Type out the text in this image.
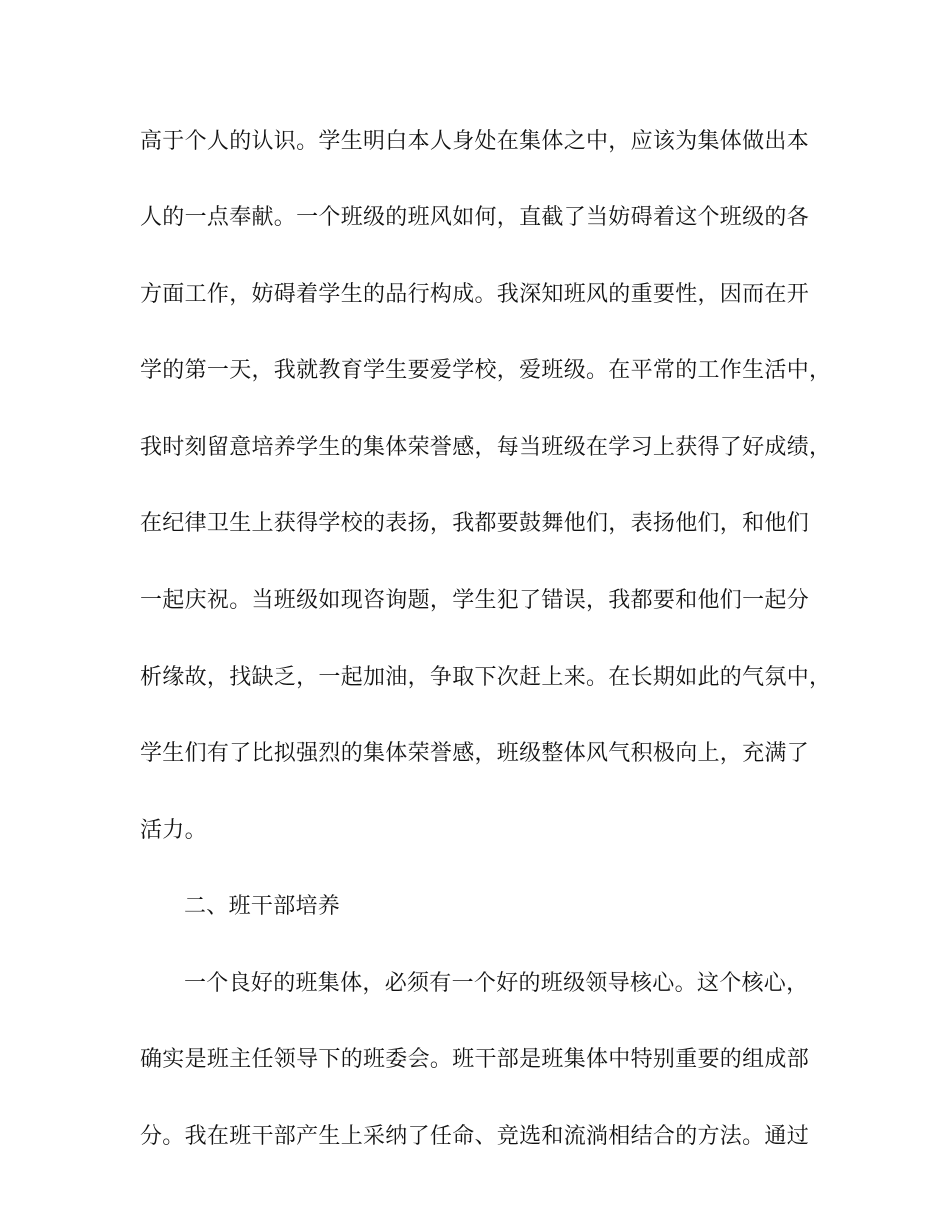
高于个人的认识。学生明白本人身处在集体之中，应该为集体做出本
人的一点奉献。一个班级的班风如何，直截了当妨碍着这个班级的各
方面工作，妨碍着学生的品行构成。我深知班风的重要性，因而在开
学的第一天，我就教育学生要爱学校，爱班级。在平常的工作生活中，
我时刻留意培养学生的集体荣誉感，每当班级在学习上获得了好成绩，
在纪律卫生上获得学校的表扬，我都要鼓舞他们，表扬他们，和他们
一起庆祝。当班级如现咨询题，学生犯了错误，我都要和他们一起分
析缘故，找缺乏，一起加油，争取下次赶上来。在长期如此的气氛中，
学生们有了比拟强烈的集体荣誉感，班级整体风气积极向上，充满了
活力。
二、班干部培养
一个良好的班集体，必须有一个好的班级领导核心。这个核心，
确实是班主任领导下的班委会。班干部是班集体中特别重要的组成部
分。我在班干部产生上采纳了任命、竞选和流淌相结合的方法。通过
